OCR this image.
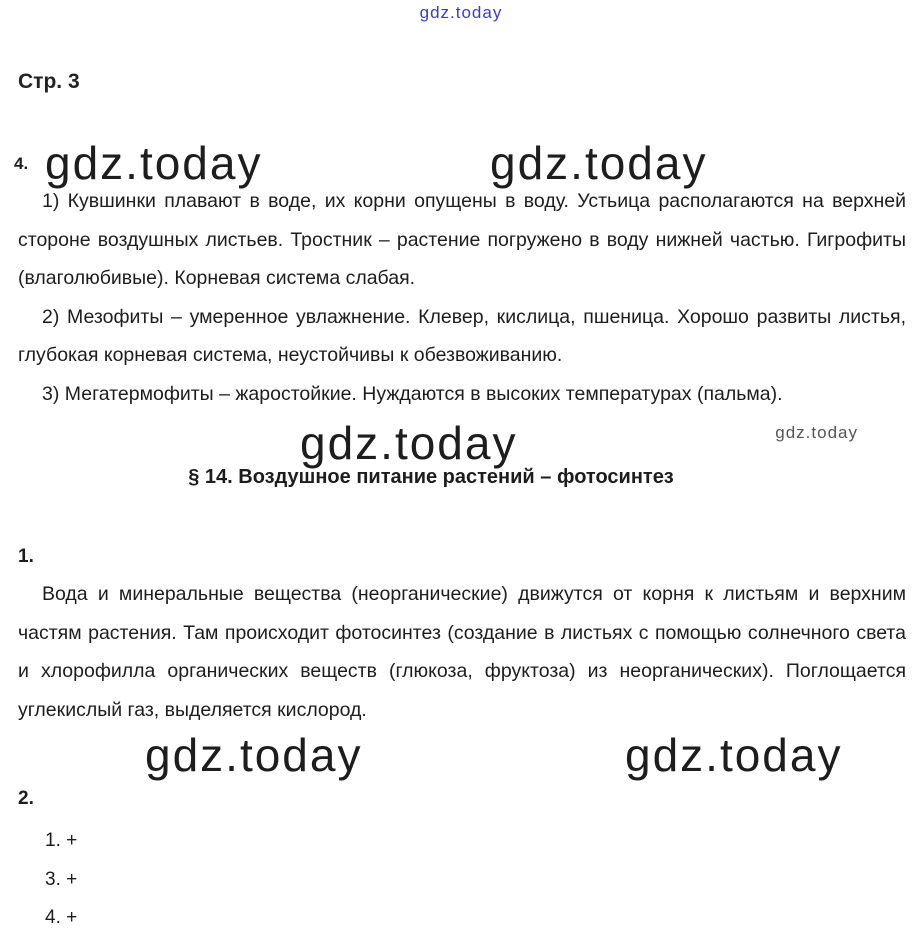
gdz.today
Стр. 3
4. gdz.today	gdz.today

1) Кувшинки плавают в воде, их корни опущены в воду. Устьица располагаются на верхней стороне воздушных листьев. Тростник – растение погружено в воду нижней частью. Гигрофиты (влаголюбивые). Корневая система слабая.

2) Мезофиты – умеренное увлажнение. Клевер, кислица, пшеница. Хорошо развиты листья, глубокая корневая система, неустойчивы к обезвоживанию.

3) Мегатермофиты – жаростойкие. Нуждаются в высоких температурах (пальма).

gdz.today	gdz.today
§ 14. Воздушное питание растений – фотосинтез
1.

Вода и минеральные вещества (неорганические) движутся от корня к листьям и верхним частям растения. Там происходит фотосинтез (создание в листьях с помощью солнечного света и хлорофилла органических веществ (глюкоза, фруктоза) из неорганических). Поглощается углекислый газ, выделяется кислород.

gdz.today	gdz.today
2.
1. +
3. +
4. +
